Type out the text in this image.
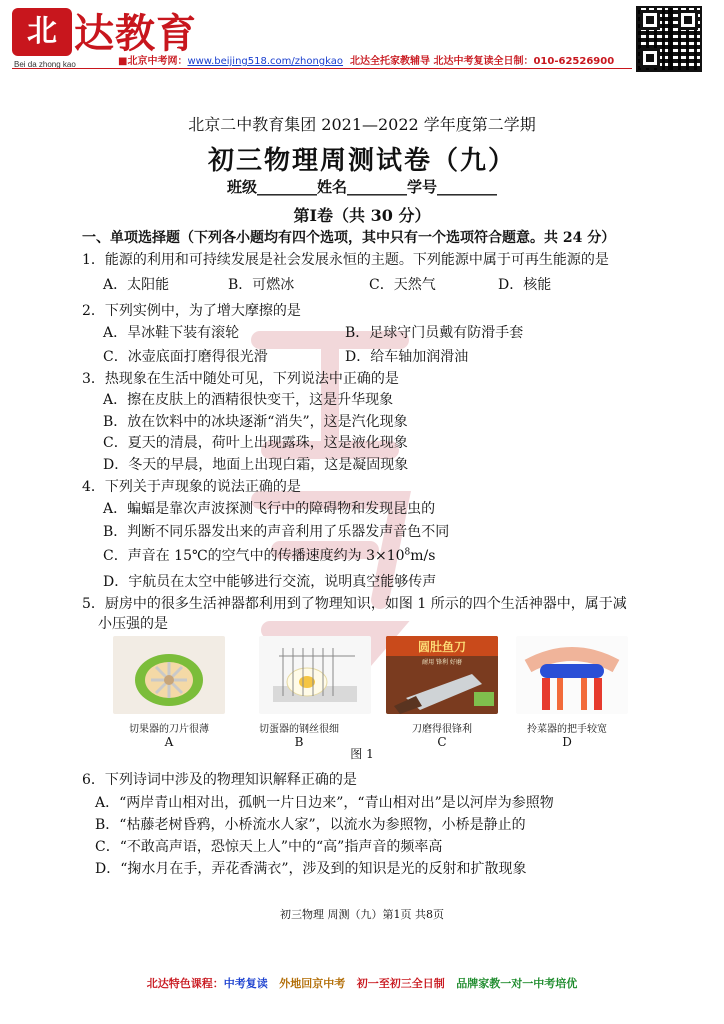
北 达教育
Bei da zhong kao	■北京中考网：www.beijing518.com/zhongkao 北达全托家教辅导 北达中考复读全日制：010-62526900
北京二中教育集团 2021—2022 学年度第二学期
初三物理周测试卷（九）
班级________姓名________学号________
第Ⅰ卷（共 30 分）
一、单项选择题（下列各小题均有四个选项，其中只有一个选项符合题意。共 24 分）
1．能源的利用和可持续发展是社会发展永恒的主题。下列能源中属于可再生能源的是
A．太阳能	B．可燃冰	C．天然气	D．核能
2．下列实例中，为了增大摩擦的是
A．旱冰鞋下装有滚轮	B．足球守门员戴有防滑手套
C．冰壶底面打磨得很光滑	D．给车轴加润滑油
3．热现象在生活中随处可见，下列说法中正确的是
A．擦在皮肤上的酒精很快变干，这是升华现象
B．放在饮料中的冰块逐渐“消失”，这是汽化现象
C．夏天的清晨，荷叶上出现露珠，这是液化现象
D．冬天的早晨，地面上出现白霜，这是凝固现象
4．下列关于声现象的说法正确的是
A．蝙蝠是靠次声波探测飞行中的障碍物和发现昆虫的
B．判断不同乐器发出来的声音利用了乐器发声音色不同
C．声音在 15℃的空气中的传播速度约为 $3\times 10^8m/s$
D．宇航员在太空中能够进行交流，说明真空能够传声
5．厨房中的很多生活神器都利用到了物理知识，如图 1 所示的四个生活神器中，属于减
小压强的是
圆肚鱼刀
耐用 锋利 好磨
切果器的刀片很薄	切蛋器的钢丝很细	刀磨得很锋利	拎菜器的把手较宽
A	B	C	D
图 1
6．下列诗词中涉及的物理知识解释正确的是
A．“两岸青山相对出，孤帆一片日边来”，“青山相对出”是以河岸为参照物
B．“枯藤老树昏鸦，小桥流水人家”，以流水为参照物，小桥是静止的
C．“不敢高声语，恐惊天上人”中的“高”指声音的频率高
D．“掬水月在手，弄花香满衣”，涉及到的知识是光的反射和扩散现象
初三物理 周测（九）第1页 共8页
北达特色课程：中考复读 外地回京中考 初一至初三全日制 品牌家教一对一中考培优
